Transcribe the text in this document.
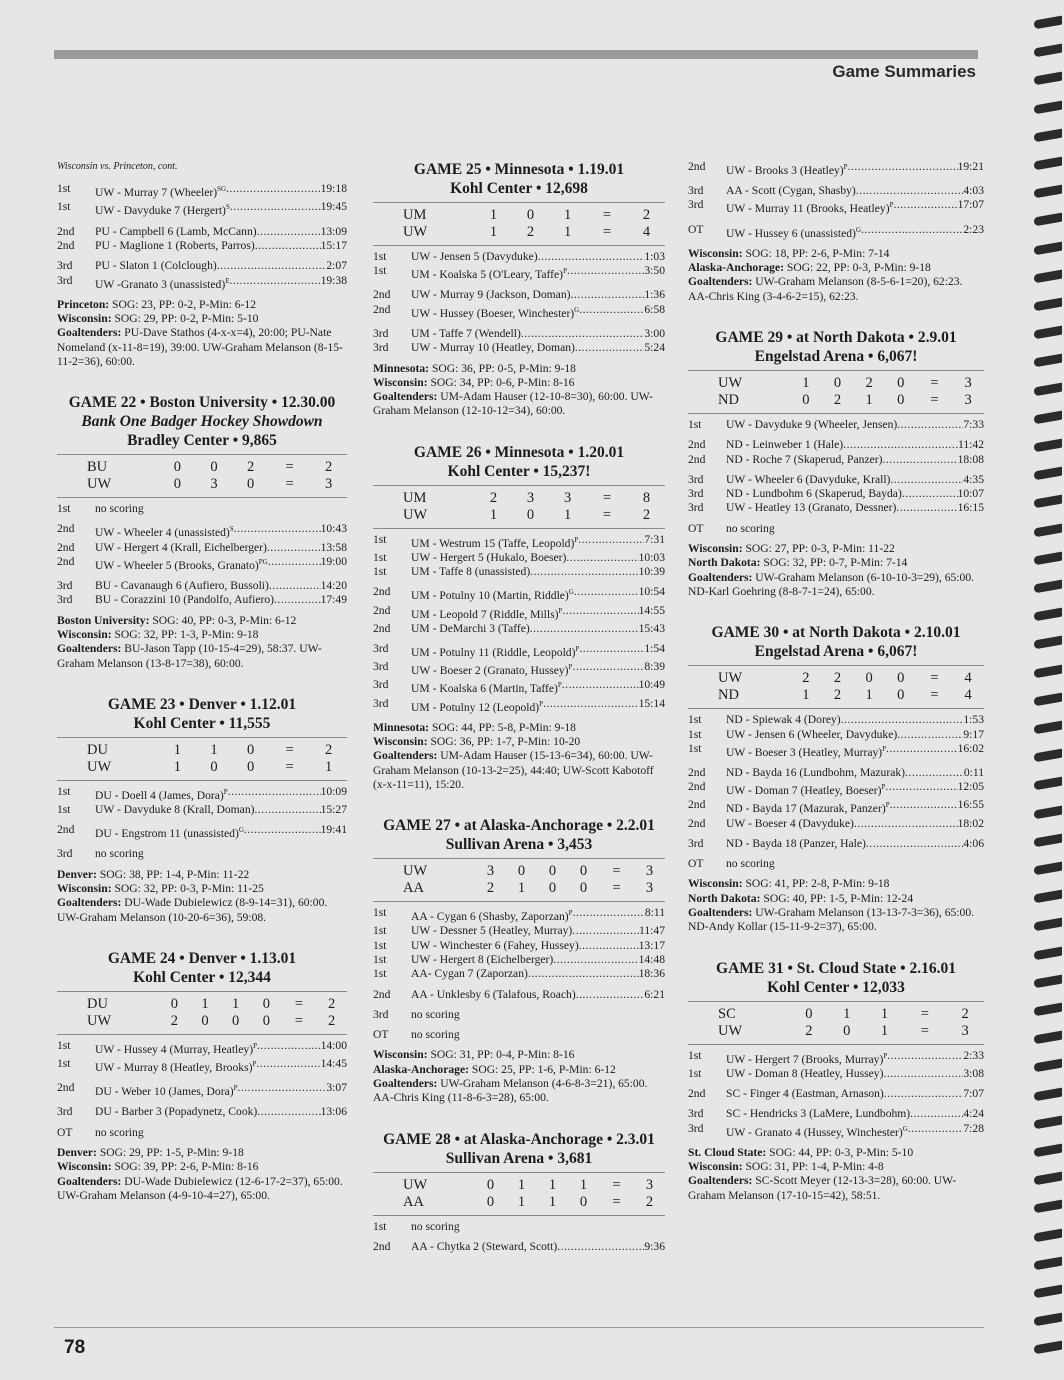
Game Summaries
Wisconsin vs. Princeton, cont.
1st	UW - Murray 7 (Wheeler)$^{SG}$ .....	19:18
1st	UW - Davyduke 7 (Hergert)$^S$ .....	19:45
2nd	PU - Campbell 6 (Lamb, McCann) .....	13:09
2nd	PU - Maglione 1 (Roberts, Parros) .....	15:17
3rd	PU - Slaton 1 (Colclough) .....	2:07
3rd	UW -Granato 3 (unassisted)$^E$ .....	19:38
Princeton: SOG: 23, PP: 0-2, P-Min: 6-12
Wisconsin: SOG: 29, PP: 0-2, P-Min: 5-10
Goaltenders: PU-Dave Stathos (4-x-x=4), 20:00; PU-Nate Nomeland (x-11-8=19), 39:00. UW-Graham Melanson (8-15-11-2=36), 60:00.
GAME 22 • Boston University • 12.30.00
Bank One Badger Hockey Showdown
Bradley Center • 9,865
BU	0	0	2	=	2
UW	0	3	0	=	3
1st	no scoring
2nd	UW - Wheeler 4 (unassisted)$^S$ .....	10:43
2nd	UW - Hergert 4 (Krall, Eichelberger) .....	13:58
2nd	UW - Wheeler 5 (Brooks, Granato)$^{PG}$ .....	19:00
3rd	BU - Cavanaugh 6 (Aufiero, Bussoli) .....	14:20
3rd	BU - Corazzini 10 (Pandolfo, Aufiero) .....	17:49
Boston University: SOG: 40, PP: 0-3, P-Min: 6-12
Wisconsin: SOG: 32, PP: 1-3, P-Min: 9-18
Goaltenders: BU-Jason Tapp (10-15-4=29), 58:37. UW-Graham Melanson (13-8-17=38), 60:00.
GAME 23 • Denver • 1.12.01
Kohl Center • 11,555
DU	1	1	0	=	2
UW	1	0	0	=	1
1st	DU - Doell 4 (James, Dora)$^P$ .....	10:09
1st	UW - Davyduke 8 (Krall, Doman) .....	15:27
2nd	DU - Engstrom 11 (unassisted)$^G$ .....	19:41
3rd	no scoring
Denver: SOG: 38, PP: 1-4, P-Min: 11-22
Wisconsin: SOG: 32, PP: 0-3, P-Min: 11-25
Goaltenders: DU-Wade Dubielewicz (8-9-14=31), 60:00. UW-Graham Melanson (10-20-6=36), 59:08.
GAME 24 • Denver • 1.13.01
Kohl Center • 12,344
DU	0	1	1	0	=	2
UW	2	0	0	0	=	2
1st	UW - Hussey 4 (Murray, Heatley)$^P$ .....	14:00
1st	UW - Murray 8 (Heatley, Brooks)$^P$ .....	14:45
2nd	DU - Weber 10 (James, Dora)$^P$ .....	3:07
3rd	DU - Barber 3 (Popadynetz, Cook) .....	13:06
OT	no scoring
Denver: SOG: 29, PP: 1-5, P-Min: 9-18
Wisconsin: SOG: 39, PP: 2-6, P-Min: 8-16
Goaltenders: DU-Wade Dubielewicz (12-6-17-2=37), 65:00. UW-Graham Melanson (4-9-10-4=27), 65:00.
GAME 25 • Minnesota • 1.19.01
Kohl Center • 12,698
UM	1	0	1	=	2
UW	1	2	1	=	4
1st	UW - Jensen 5 (Davyduke) .....	1:03
1st	UM - Koalska 5 (O'Leary, Taffe)$^P$ .....	3:50
2nd	UW - Murray 9 (Jackson, Doman) .....	1:36
2nd	UW - Hussey (Boeser, Winchester)$^G$ .....	6:58
3rd	UM - Taffe 7 (Wendell) .....	3:00
3rd	UW - Murray 10 (Heatley, Doman) .....	5:24
Minnesota: SOG: 36, PP: 0-5, P-Min: 9-18
Wisconsin: SOG: 34, PP: 0-6, P-Min: 8-16
Goaltenders: UM-Adam Hauser (12-10-8=30), 60:00. UW-Graham Melanson (12-10-12=34), 60:00.
GAME 26 • Minnesota • 1.20.01
Kohl Center • 15,237!
UM	2	3	3	=	8
UW	1	0	1	=	2
1st	UM - Westrum 15 (Taffe, Leopold)$^P$ .....	7:31
1st	UW - Hergert 5 (Hukalo, Boeser) .....	10:03
1st	UM - Taffe 8 (unassisted) .....	10:39
2nd	UM - Potulny 10 (Martin, Riddle)$^G$ .....	10:54
2nd	UM - Leopold 7 (Riddle, Mills)$^P$ .....	14:55
2nd	UM - DeMarchi 3 (Taffe) .....	15:43
3rd	UM - Potulny 11 (Riddle, Leopold)$^P$ .....	1:54
3rd	UW - Boeser 2 (Granato, Hussey)$^P$ .....	8:39
3rd	UM - Koalska 6 (Martin, Taffe)$^P$ .....	10:49
3rd	UM - Potulny 12 (Leopold)$^P$ .....	15:14
Minnesota: SOG: 44, PP: 5-8, P-Min: 9-18
Wisconsin: SOG: 36, PP: 1-7, P-Min: 10-20
Goaltenders: UM-Adam Hauser (15-13-6=34), 60:00. UW-Graham Melanson (10-13-2=25), 44:40; UW-Scott Kabotoff (x-x-11=11), 15:20.
GAME 27 • at Alaska-Anchorage • 2.2.01
Sullivan Arena • 3,453
UW	3	0	0	0	=	3
AA	2	1	0	0	=	3
1st	AA - Cygan 6 (Shasby, Zaporzan)$^P$ .....	8:11
1st	UW - Dessner 5 (Heatley, Murray) .....	11:47
1st	UW - Winchester 6 (Fahey, Hussey) .....	13:17
1st	UW - Hergert 8 (Eichelberger) .....	14:48
1st	AA- Cygan 7 (Zaporzan) .....	18:36
2nd	AA - Unklesby 6 (Talafous, Roach) .....	6:21
3rd	no scoring
OT	no scoring
Wisconsin: SOG: 31, PP: 0-4, P-Min: 8-16
Alaska-Anchorage: SOG: 25, PP: 1-6, P-Min: 6-12
Goaltenders: UW-Graham Melanson (4-6-8-3=21), 65:00. AA-Chris King (11-8-6-3=28), 65:00.
GAME 28 • at Alaska-Anchorage • 2.3.01
Sullivan Arena • 3,681
UW	0	1	1	1	=	3
AA	0	1	1	0	=	2
1st	no scoring
2nd	AA - Chytka 2 (Steward, Scott) .....	9:36
2nd	UW - Brooks 3 (Heatley)$^P$ .....	19:21
3rd	AA - Scott (Cygan, Shasby) .....	4:03
3rd	UW - Murray 11 (Brooks, Heatley)$^P$ .....	17:07
OT	UW - Hussey 6 (unassisted)$^G$ .....	2:23
Wisconsin: SOG: 18, PP: 2-6, P-Min: 7-14
Alaska-Anchorage: SOG: 22, PP: 0-3, P-Min: 9-18
Goaltenders: UW-Graham Melanson (8-5-6-1=20), 62:23. AA-Chris King (3-4-6-2=15), 62:23.
GAME 29 • at North Dakota • 2.9.01
Engelstad Arena • 6,067!
UW	1	0	2	0	=	3
ND	0	2	1	0	=	3
1st	UW - Davyduke 9 (Wheeler, Jensen) .....	7:33
2nd	ND - Leinweber 1 (Hale) .....	11:42
2nd	ND - Roche 7 (Skaperud, Panzer) .....	18:08
3rd	UW - Wheeler 6 (Davyduke, Krall) .....	4:35
3rd	ND - Lundbohm 6 (Skaperud, Bayda) .....	10:07
3rd	UW - Heatley 13 (Granato, Dessner) .....	16:15
OT	no scoring
Wisconsin: SOG: 27, PP: 0-3, P-Min: 11-22
North Dakota: SOG: 32, PP: 0-7, P-Min: 7-14
Goaltenders: UW-Graham Melanson (6-10-10-3=29), 65:00. ND-Karl Goehring (8-8-7-1=24), 65:00.
GAME 30 • at North Dakota • 2.10.01
Engelstad Arena • 6,067!
UW	2	2	0	0	=	4
ND	1	2	1	0	=	4
1st	ND - Spiewak 4 (Dorey) .....	1:53
1st	UW - Jensen 6 (Wheeler, Davyduke) .....	9:17
1st	UW - Boeser 3 (Heatley, Murray)$^P$ .....	16:02
2nd	ND - Bayda 16 (Lundbohm, Mazurak) .....	0:11
2nd	UW - Doman 7 (Heatley, Boeser)$^P$ .....	12:05
2nd	ND - Bayda 17 (Mazurak, Panzer)$^P$ .....	16:55
2nd	UW - Boeser 4 (Davyduke) .....	18:02
3rd	ND - Bayda 18 (Panzer, Hale) .....	4:06
OT	no scoring
Wisconsin: SOG: 41, PP: 2-8, P-Min: 9-18
North Dakota: SOG: 40, PP: 1-5, P-Min: 12-24
Goaltenders: UW-Graham Melanson (13-13-7-3=36), 65:00. ND-Andy Kollar (15-11-9-2=37), 65:00.
GAME 31 • St. Cloud State • 2.16.01
Kohl Center • 12,033
SC	0	1	1	=	2
UW	2	0	1	=	3
1st	UW - Hergert 7 (Brooks, Murray)$^P$ .....	2:33
1st	UW - Doman 8 (Heatley, Hussey) .....	3:08
2nd	SC - Finger 4 (Eastman, Arnason) .....	7:07
3rd	SC - Hendricks 3 (LaMere, Lundbohm) .....	4:24
3rd	UW - Granato 4 (Hussey, Winchester)$^G$ .....	7:28
St. Cloud State: SOG: 44, PP: 0-3, P-Min: 5-10
Wisconsin: SOG: 31, PP: 1-4, P-Min: 4-8
Goaltenders: SC-Scott Meyer (12-13-3=28), 60:00. UW-Graham Melanson (17-10-15=42), 58:51.
78
